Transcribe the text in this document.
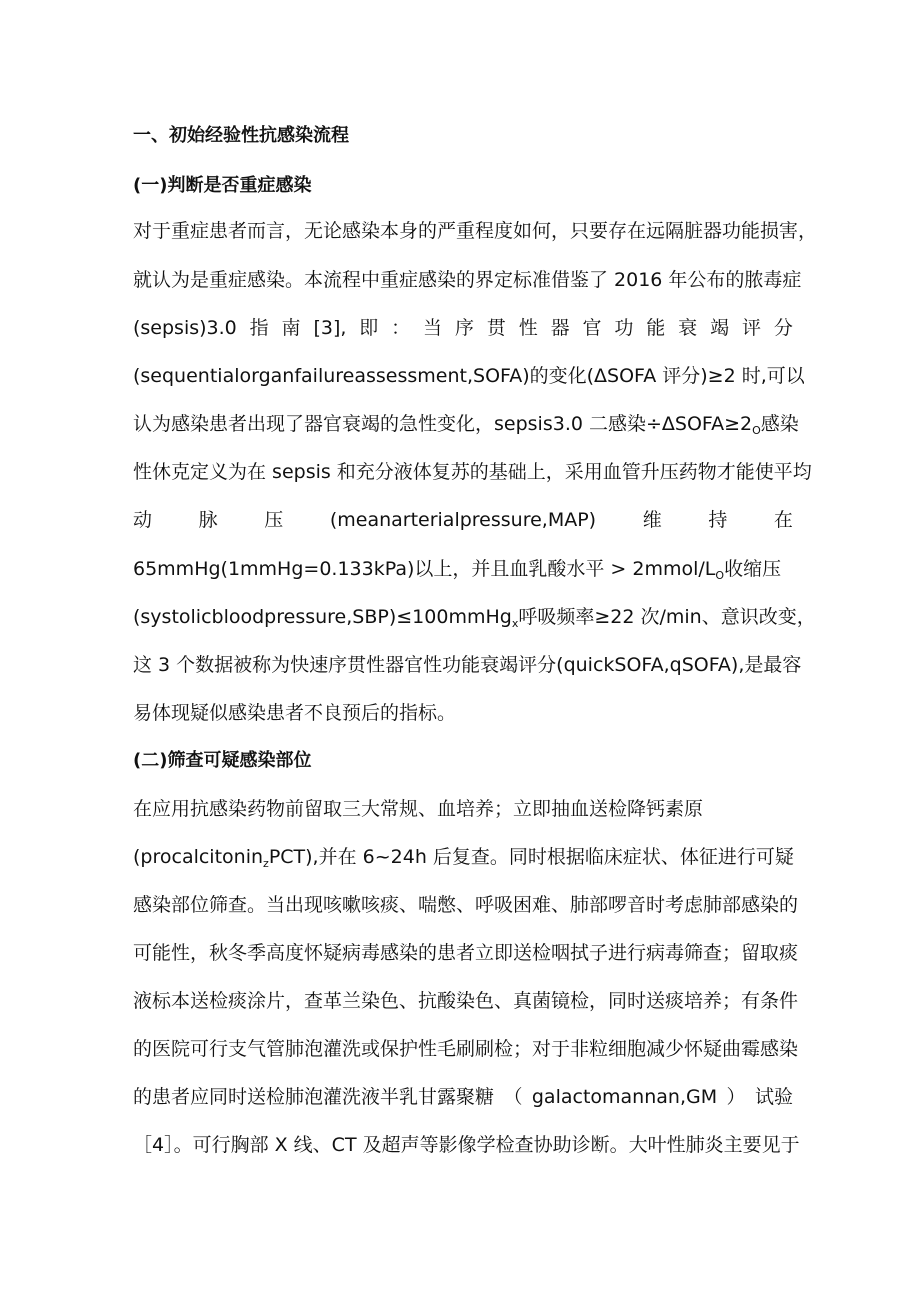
一、初始经验性抗感染流程
(一)判断是否重症感染
对于重症患者而言，无论感染本身的严重程度如何，只要存在远隔脏器功能损害，
就认为是重症感染。本流程中重症感染的界定标准借鉴了 2016 年公布的脓毒症
(sepsis)3.0 指 南 [3], 即 ： 当 序 贯 性 器 官 功 能 衰 竭 评 分
(sequentialorganfailureassessment,SOFA)的变化(ΔSOFA 评分)≥2 时,可以
认为感染患者出现了器官衰竭的急性变化，sepsis3.0 二感染$\div\Delta SOFA\ge 2_O$感染
性休克定义为在 sepsis 和充分液体复苏的基础上，采用血管升压药物才能使平均
动 脉 压 (meanarterialpressure,MAP) 维 持 在
65mmHg(1mmHg=0.133kPa)以上，并且血乳酸水平 > $2mmol/L_O$收缩压
(systolicbloodpressure,SBP)≤100mmHg$_x$呼吸频率≥22 次/min、意识改变，
这 3 个数据被称为快速序贯性器官性功能衰竭评分(quickSOFA,qSOFA),是最容
易体现疑似感染患者不良预后的指标。
(二)筛查可疑感染部位
在应用抗感染药物前留取三大常规、血培养；立即抽血送检降钙素原
(procalcitonin$_z$PCT),并在 6~24h 后复查。同时根据临床症状、体征进行可疑
感染部位筛查。当出现咳嗽咳痰、喘憋、呼吸困难、肺部啰音时考虑肺部感染的
可能性，秋冬季高度怀疑病毒感染的患者立即送检咽拭子进行病毒筛查；留取痰
液标本送检痰涂片，查革兰染色、抗酸染色、真菌镜检，同时送痰培养；有条件
的医院可行支气管肺泡灌洗或保护性毛刷刷检；对于非粒细胞减少怀疑曲霉感染
的患者应同时送检肺泡灌洗液半乳甘露聚糖 （ galactomannan,GM ） 试验
［4］。可行胸部 X 线、CT 及超声等影像学检查协助诊断。大叶性肺炎主要见于
